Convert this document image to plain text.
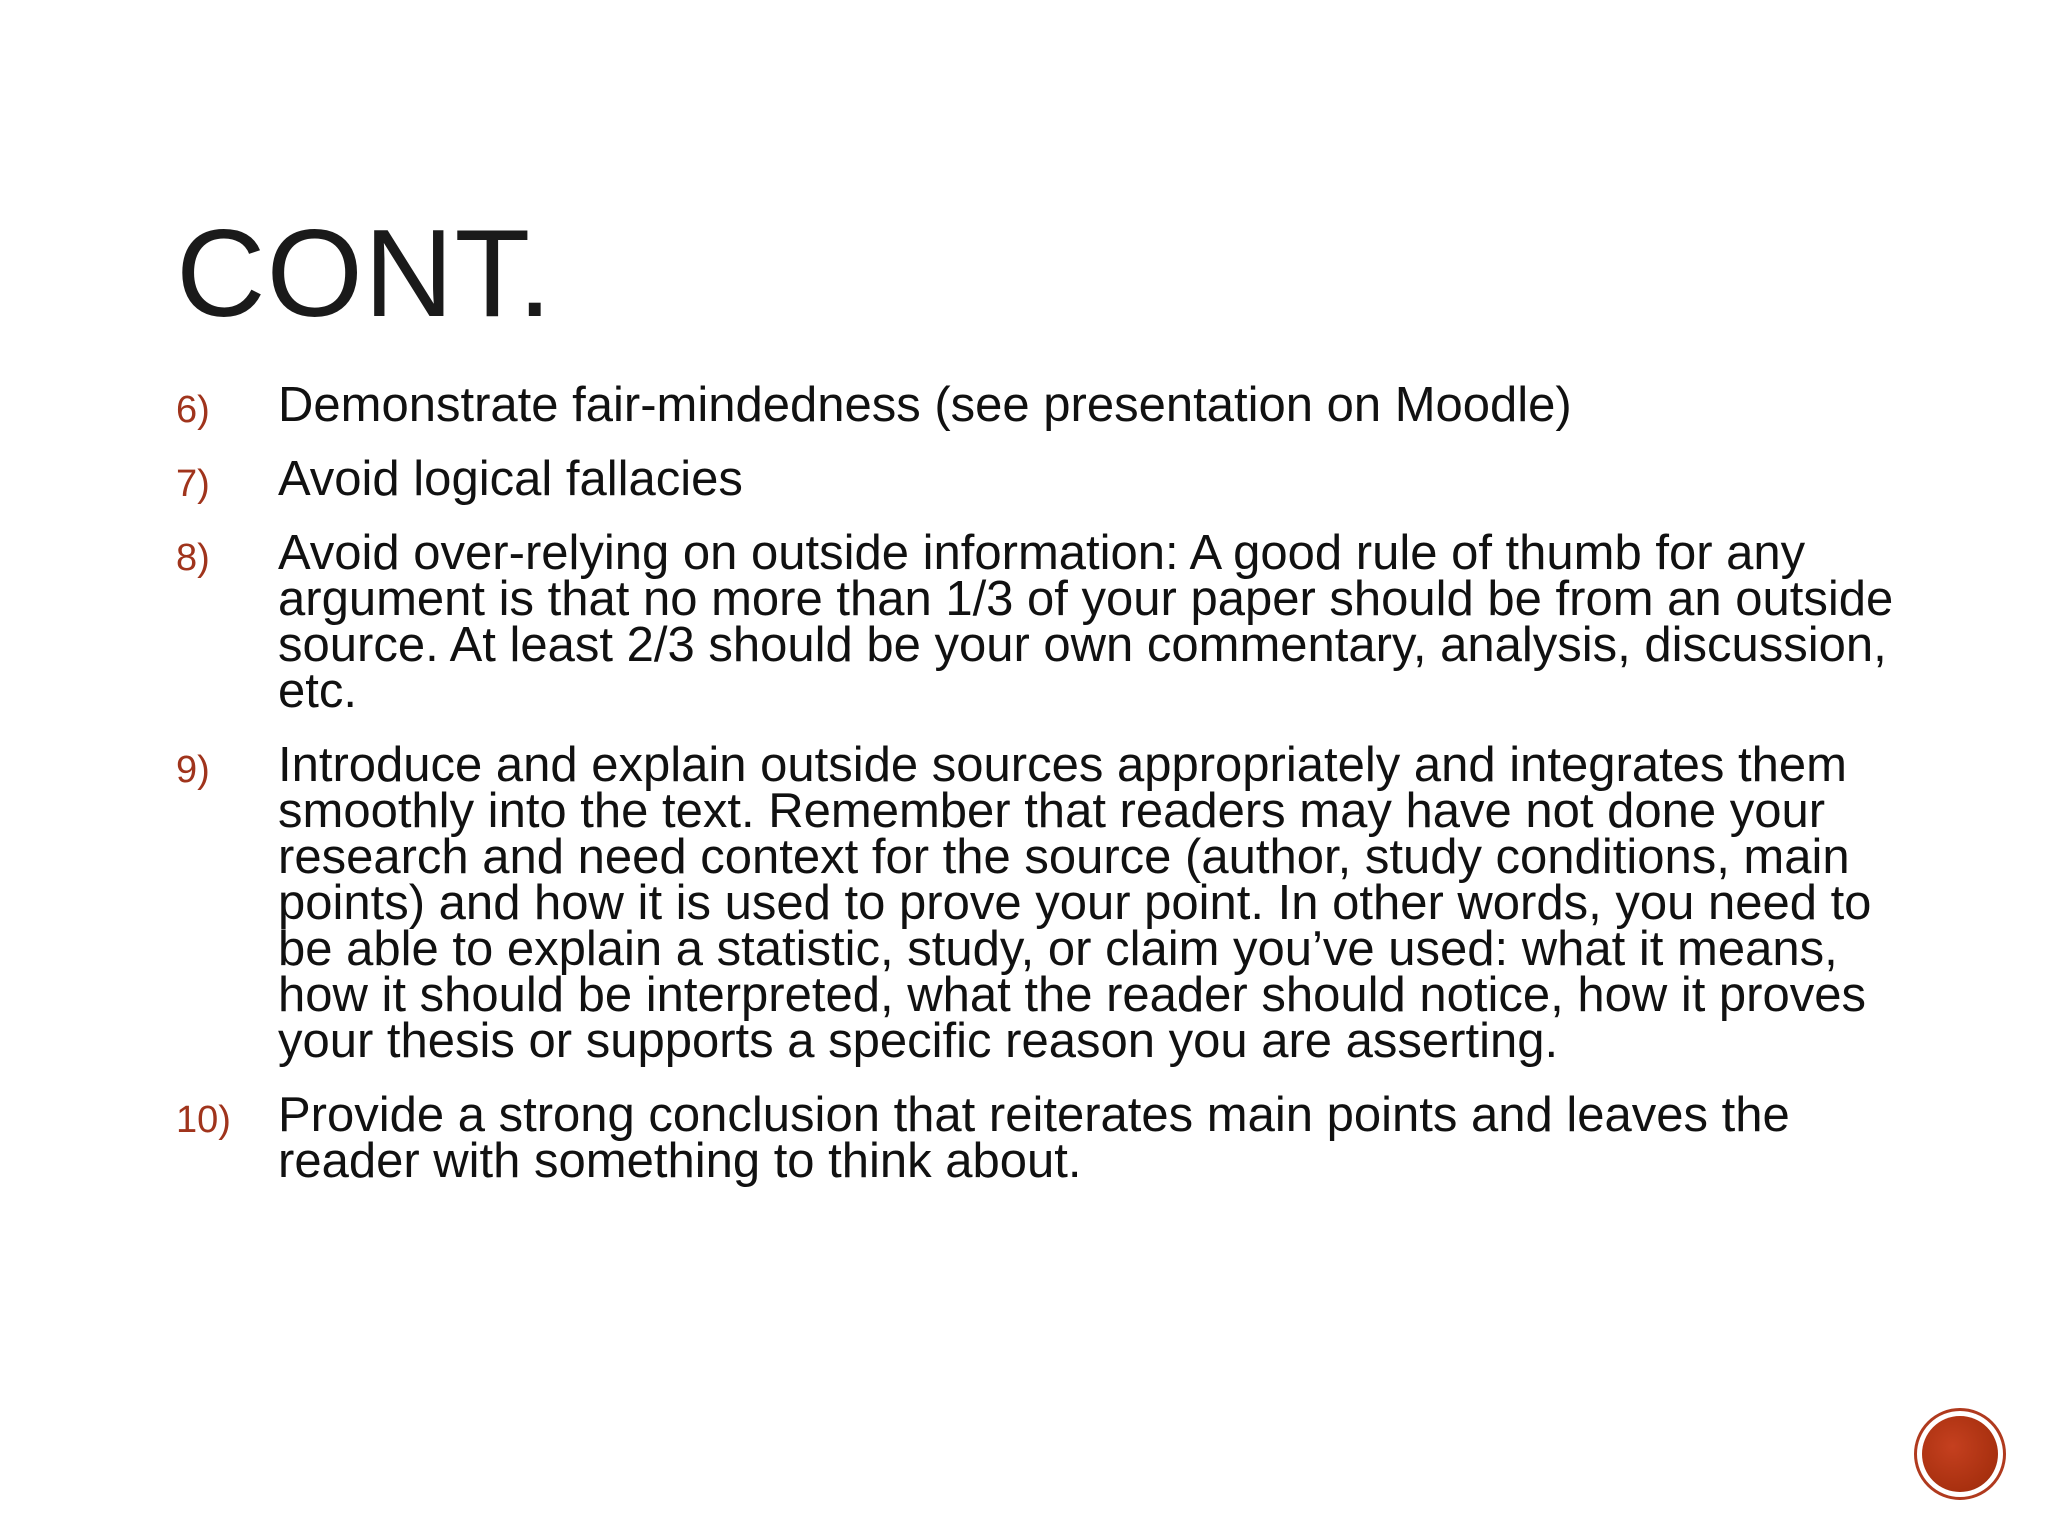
CONT.
6) Demonstrate fair-mindedness (see presentation on Moodle)
7) Avoid logical fallacies
8) Avoid over-relying on outside information: A good rule of thumb for any argument is that no more than 1/3 of your paper should be from an outside source. At least 2/3 should be your own commentary, analysis, discussion, etc.
9) Introduce and explain outside sources appropriately and integrates them smoothly into the text. Remember that readers may have not done your research and need context for the source (author, study conditions, main points) and how it is used to prove your point. In other words, you need to be able to explain a statistic, study, or claim you’ve used: what it means, how it should be interpreted, what the reader should notice, how it proves your thesis or supports a specific reason you are asserting.
10) Provide a strong conclusion that reiterates main points and leaves the reader with something to think about.
